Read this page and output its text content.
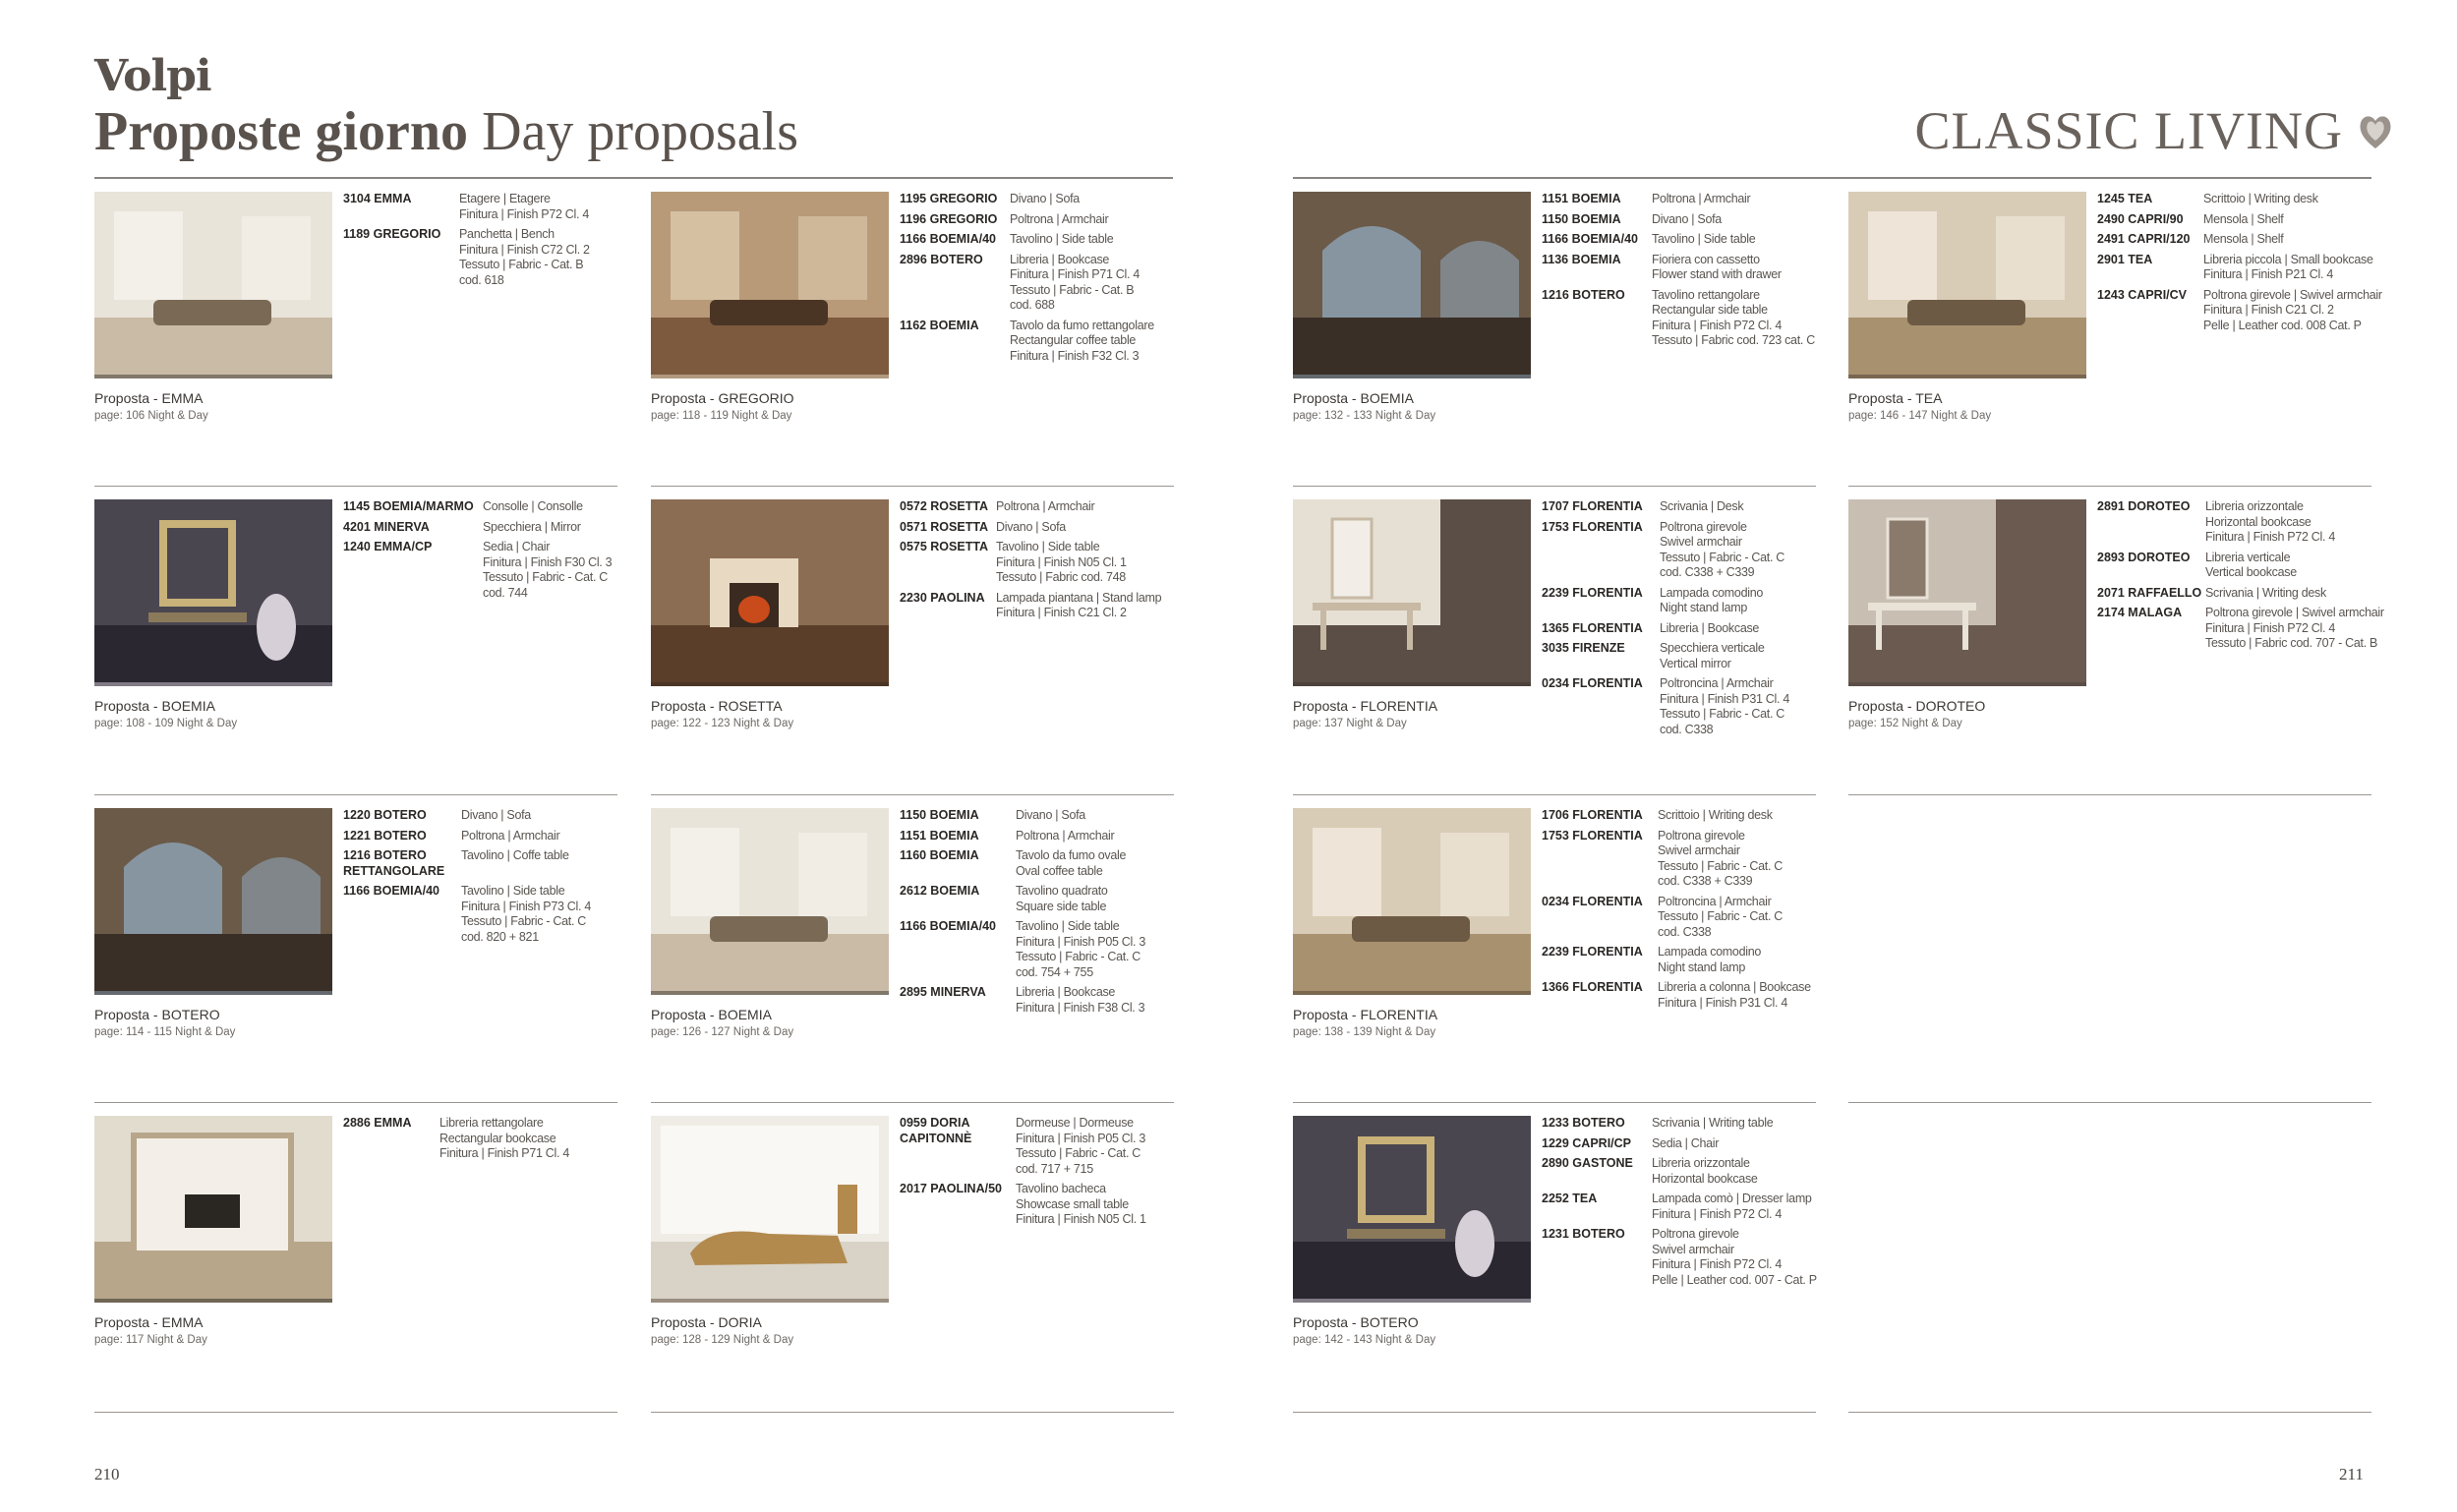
Volpi
Proposte giorno Day proposals	CLASSIC LIVING
Proposta - EMMA
page: 106 Night & Day
3104 EMMA	Etagere | Etagere
Finitura | Finish P72 Cl. 4
1189 GREGORIO	Panchetta | Bench
Finitura | Finish C72 Cl. 2
Tessuto | Fabric - Cat. B
cod. 618
Proposta - GREGORIO
page: 118 - 119 Night & Day
1195 GREGORIO	Divano | Sofa
1196 GREGORIO	Poltrona | Armchair
1166 BOEMIA/40	Tavolino | Side table
2896 BOTERO	Libreria | Bookcase
Finitura | Finish P71 Cl. 4
Tessuto | Fabric - Cat. B
cod. 688
1162 BOEMIA	Tavolo da fumo rettangolare
Rectangular coffee table
Finitura | Finish F32 Cl. 3
Proposta - BOEMIA
page: 132 - 133 Night & Day
1151 BOEMIA	Poltrona | Armchair
1150 BOEMIA	Divano | Sofa
1166 BOEMIA/40	Tavolino | Side table
1136 BOEMIA	Fioriera con cassetto
Flower stand with drawer
1216 BOTERO	Tavolino rettangolare
Rectangular side table
Finitura | Finish P72 Cl. 4
Tessuto | Fabric cod. 723 cat. C
Proposta - TEA
page: 146 - 147 Night & Day
1245 TEA	Scrittoio | Writing desk
2490 CAPRI/90	Mensola | Shelf
2491 CAPRI/120	Mensola | Shelf
2901 TEA	Libreria piccola | Small bookcase
Finitura | Finish P21 Cl. 4
1243 CAPRI/CV	Poltrona girevole | Swivel armchair
Finitura | Finish C21 Cl. 2
Pelle | Leather cod. 008 Cat. P
Proposta - BOEMIA
page: 108 - 109 Night & Day
1145 BOEMIA/MARMO Consolle | Consolle
4201 MINERVA	Specchiera | Mirror
1240 EMMA/CP	Sedia | Chair
Finitura | Finish F30 Cl. 3
Tessuto | Fabric - Cat. C
cod. 744
Proposta - ROSETTA
page: 122 - 123 Night & Day
0572 ROSETTA Poltrona | Armchair
0571 ROSETTA Divano | Sofa
0575 ROSETTA Tavolino | Side table
Finitura | Finish N05 Cl. 1
Tessuto | Fabric cod. 748
2230 PAOLINA Lampada piantana | Stand lamp
Finitura | Finish C21 Cl. 2
Proposta - FLORENTIA
page: 137 Night & Day
1707 FLORENTIA	Scrivania | Desk
1753 FLORENTIA	Poltrona girevole
Swivel armchair
Tessuto | Fabric - Cat. C
cod. C338 + C339
2239 FLORENTIA	Lampada comodino
Night stand lamp
1365 FLORENTIA	Libreria | Bookcase
3035 FIRENZE	Specchiera verticale
Vertical mirror
0234 FLORENTIA	Poltroncina | Armchair
Finitura | Finish P31 Cl. 4
Tessuto | Fabric - Cat. C
cod. C338
Proposta - DOROTEO
page: 152 Night & Day
2891 DOROTEO	Libreria orizzontale
Horizontal bookcase
Finitura | Finish P72 Cl. 4
2893 DOROTEO	Libreria verticale
Vertical bookcase
2071 RAFFAELLO Scrivania | Writing desk
2174 MALAGA	Poltrona girevole | Swivel armchair
Finitura | Finish P72 Cl. 4
Tessuto | Fabric cod. 707 - Cat. B
Proposta - BOTERO
page: 114 - 115 Night & Day
1220 BOTERO	Divano | Sofa
1221 BOTERO	Poltrona | Armchair
1216 BOTERO RETTANGOLARE
Tavolino | Coffe table
1166 BOEMIA/40	Tavolino | Side table
Finitura | Finish P73 Cl. 4
Tessuto | Fabric - Cat. C
cod. 820 + 821
Proposta - BOEMIA
page: 126 - 127 Night & Day
1150 BOEMIA	Divano | Sofa
1151 BOEMIA	Poltrona | Armchair
1160 BOEMIA	Tavolo da fumo ovale
Oval coffee table
2612 BOEMIA	Tavolino quadrato
Square side table
1166 BOEMIA/40	Tavolino | Side table
Finitura | Finish P05 Cl. 3
Tessuto | Fabric - Cat. C
cod. 754 + 755
2895 MINERVA	Libreria | Bookcase
Finitura | Finish F38 Cl. 3	Proposta - FLORENTIA
page: 138 - 139 Night & Day
1706 FLORENTIA	Scrittoio | Writing desk
1753 FLORENTIA	Poltrona girevole
Swivel armchair
Tessuto | Fabric - Cat. C
cod. C338 + C339
0234 FLORENTIA	Poltroncina | Armchair
Tessuto | Fabric - Cat. C
cod. C338
2239 FLORENTIA	Lampada comodino
Night stand lamp
1366 FLORENTIA	Libreria a colonna | Bookcase
Finitura | Finish P31 Cl. 4
Proposta - EMMA
page: 117 Night & Day
2886 EMMA	Libreria rettangolare
Rectangular bookcase
Finitura | Finish P71 Cl. 4
Proposta - DORIA
page: 128 - 129 Night & Day
0959 DORIA CAPITONNÈ
Dormeuse | Dormeuse
Finitura | Finish P05 Cl. 3
Tessuto | Fabric - Cat. C
cod. 717 + 715
2017 PAOLINA/50	Tavolino bacheca
Showcase small table
Finitura | Finish N05 Cl. 1
Proposta - BOTERO
page: 142 - 143 Night & Day
1233 BOTERO	Scrivania | Writing table
1229 CAPRI/CP	Sedia | Chair
2890 GASTONE	Libreria orizzontale
Horizontal bookcase
2252 TEA	Lampada comò | Dresser lamp
Finitura | Finish P72 Cl. 4
1231 BOTERO	Poltrona girevole
Swivel armchair
Finitura | Finish P72 Cl. 4
Pelle | Leather cod. 007 - Cat. P
210	211
